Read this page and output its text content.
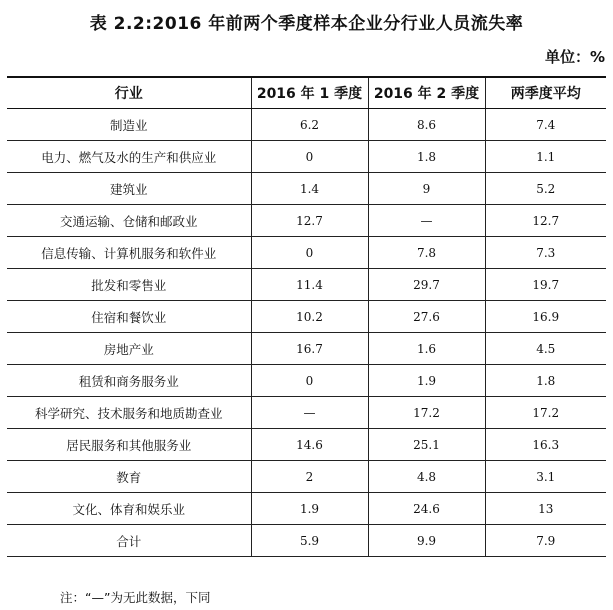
表 2.2:2016 年前两个季度样本企业分行业人员流失率
单位：%
行业	2016 年 1 季度	2016 年 2 季度	两季度平均
制造业	6.2	8.6	7.4
电力、燃气及水的生产和供应业	0	1.8	1.1
建筑业	1.4	9	5.2
交通运输、仓储和邮政业	12.7	—	12.7
信息传输、计算机服务和软件业	0	7.8	7.3
批发和零售业	11.4	29.7	19.7
住宿和餐饮业	10.2	27.6	16.9
房地产业	16.7	1.6	4.5
租赁和商务服务业	0	1.9	1.8
科学研究、技术服务和地质勘查业	—	17.2	17.2
居民服务和其他服务业	14.6	25.1	16.3
教育	2	4.8	3.1
文化、体育和娱乐业	1.9	24.6	13
合计	5.9	9.9	7.9
注：“—”为无此数据，下同
